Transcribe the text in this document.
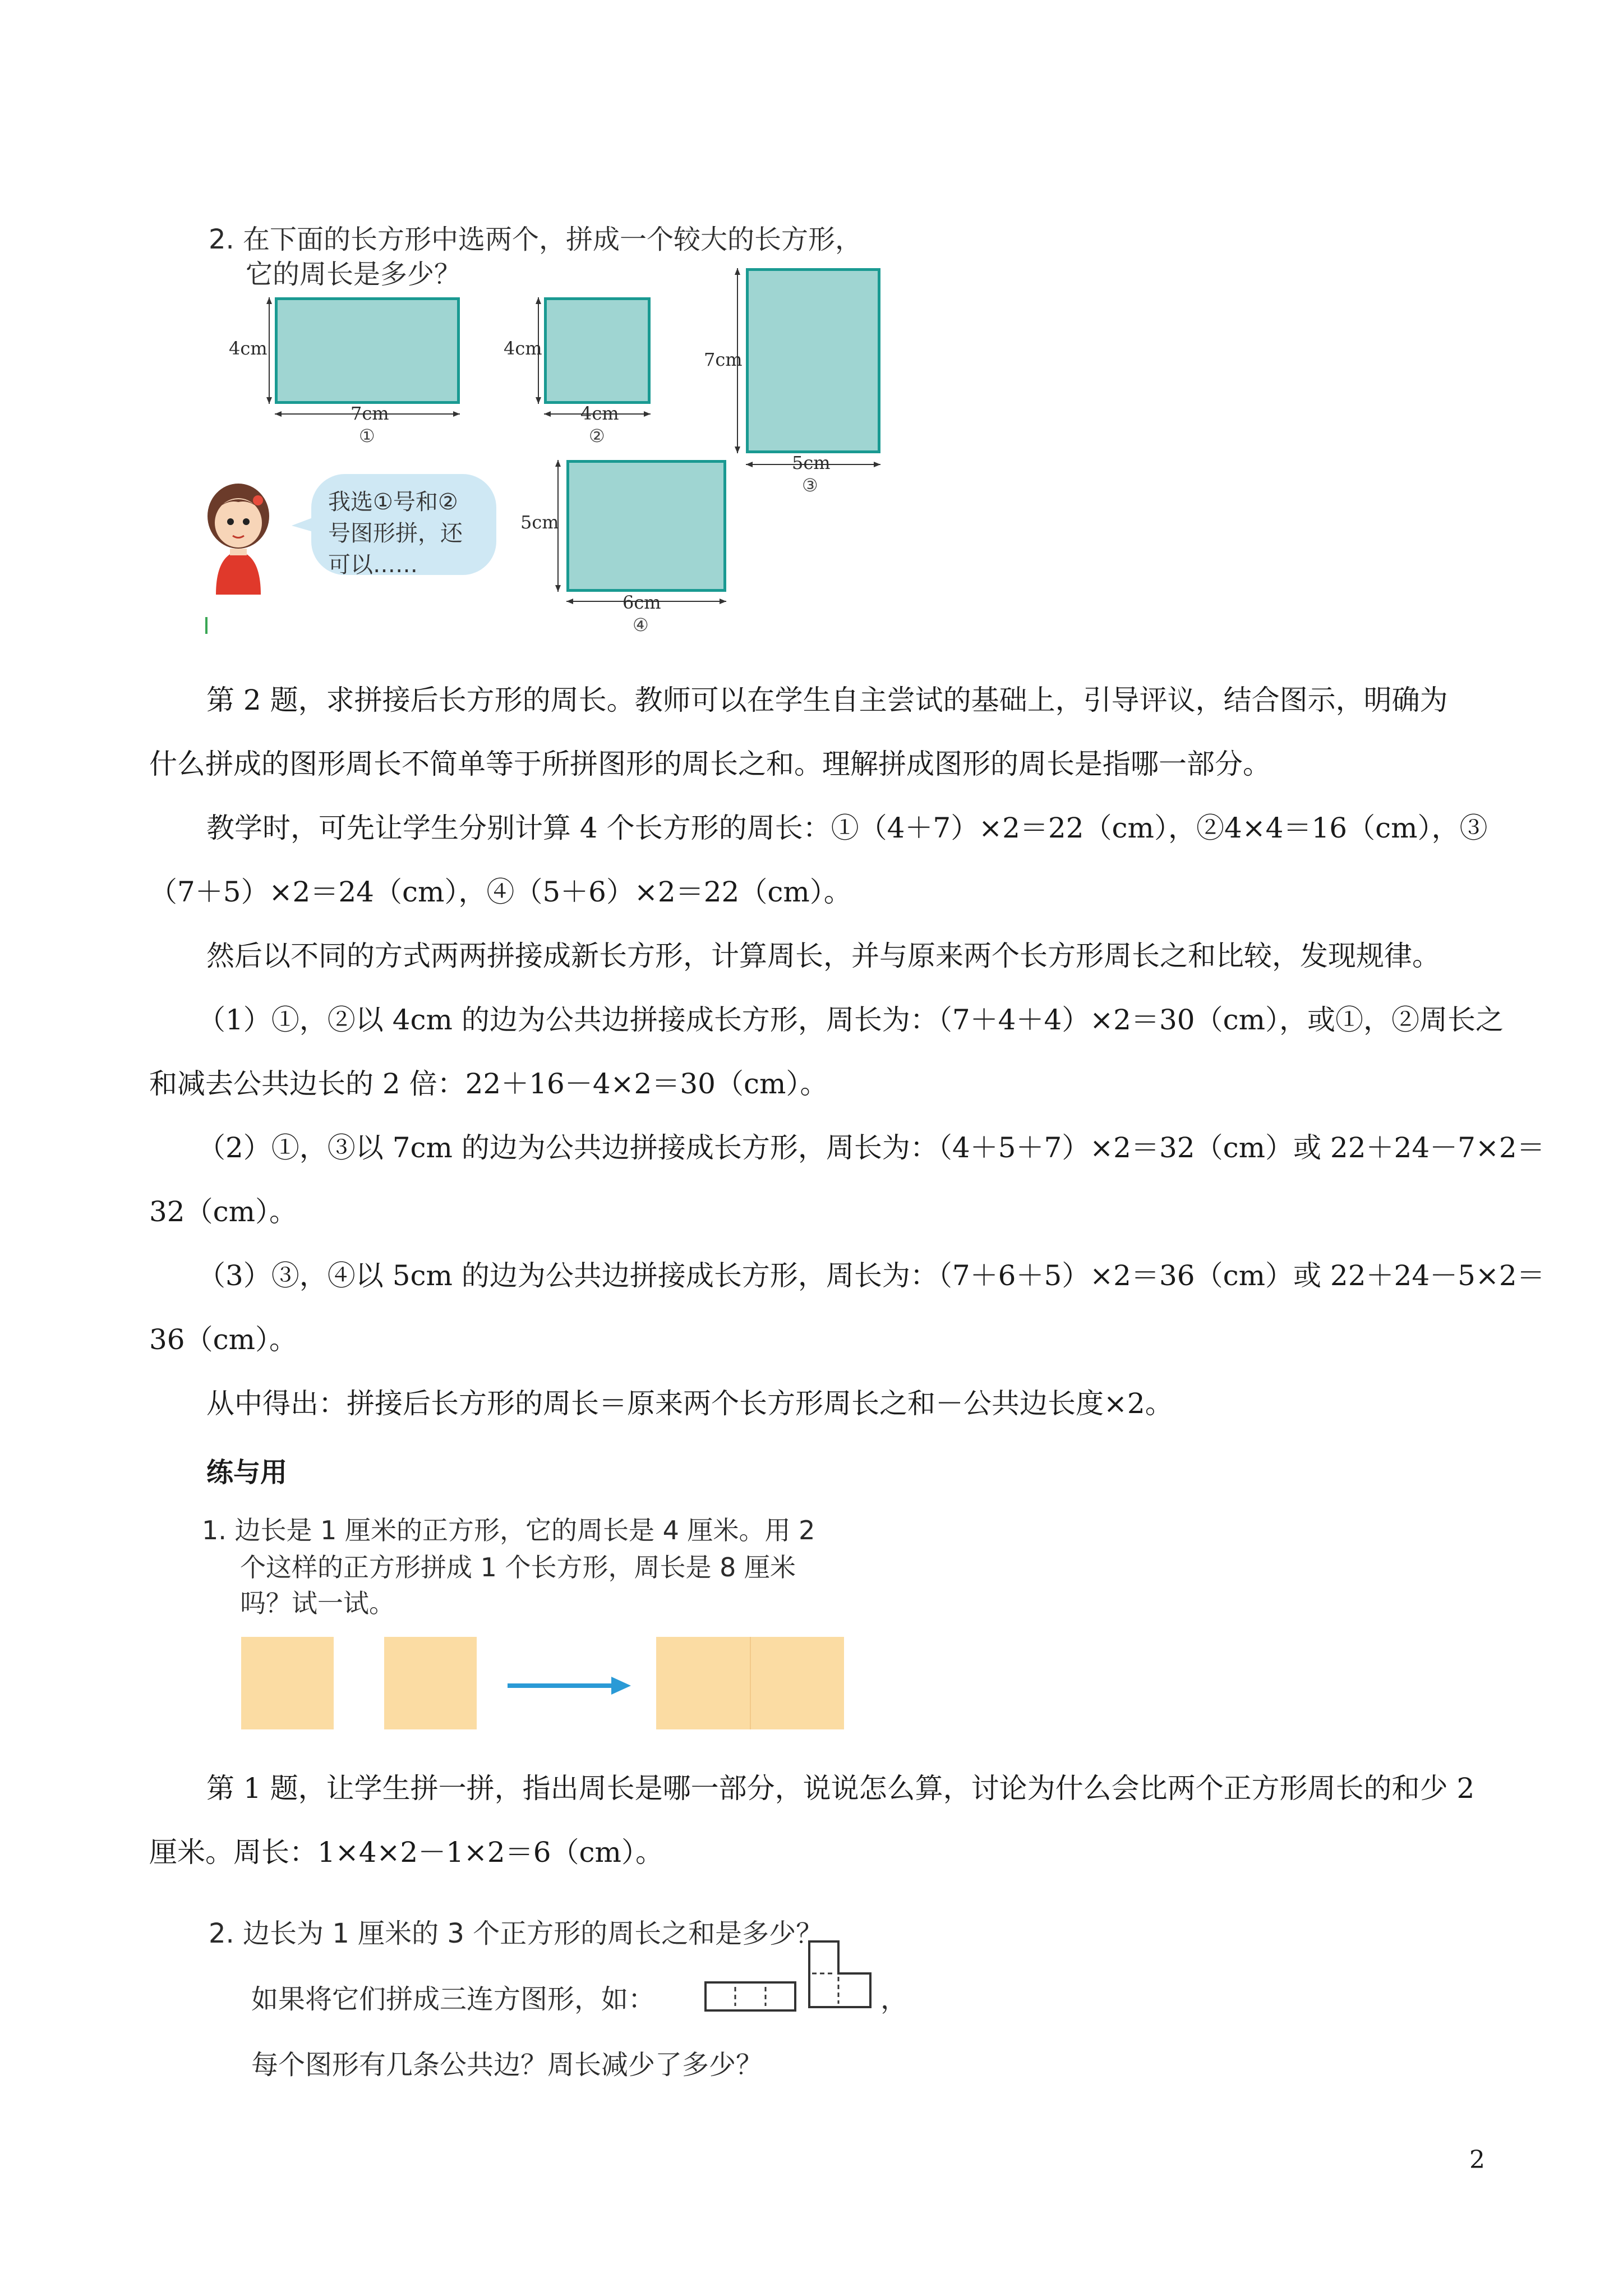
2. 在下面的长方形中选两个，拼成一个较大的长方形，
它的周长是多少？
4cm
7cm
①
4cm
4cm
②
7cm
5cm
③
5cm
6cm
④
我选①号和②
号图形拼，还
可以……
第 2 题，求拼接后长方形的周长。教师可以在学生自主尝试的基础上，引导评议，结合图示，明确为
什么拼成的图形周长不简单等于所拼图形的周长之和。理解拼成图形的周长是指哪一部分。
教学时，可先让学生分别计算 4 个长方形的周长：①（4＋7）×2＝22（cm），②4×4＝16（cm），③
（7＋5）×2＝24（cm），④（5＋6）×2＝22（cm）。
然后以不同的方式两两拼接成新长方形，计算周长，并与原来两个长方形周长之和比较，发现规律。
（1）①，②以 4cm 的边为公共边拼接成长方形，周长为：（7＋4＋4）×2＝30（cm），或①，②周长之
和减去公共边长的 2 倍：22＋16－4×2＝30（cm）。
（2）①，③以 7cm 的边为公共边拼接成长方形，周长为：（4＋5＋7）×2＝32（cm）或 22＋24－7×2＝
32（cm）。
（3）③，④以 5cm 的边为公共边拼接成长方形，周长为：（7＋6＋5）×2＝36（cm）或 22＋24－5×2＝
36（cm）。
从中得出：拼接后长方形的周长＝原来两个长方形周长之和－公共边长度×2。
练与用
1. 边长是 1 厘米的正方形，它的周长是 4 厘米。用 2
个这样的正方形拼成 1 个长方形，周长是 8 厘米
吗？试一试。
第 1 题，让学生拼一拼，指出周长是哪一部分，说说怎么算，讨论为什么会比两个正方形周长的和少 2
厘米。周长：1×4×2－1×2＝6（cm）。
2. 边长为 1 厘米的 3 个正方形的周长之和是多少？
如果将它们拼成三连方图形，如：	，
每个图形有几条公共边？周长减少了多少？
2
